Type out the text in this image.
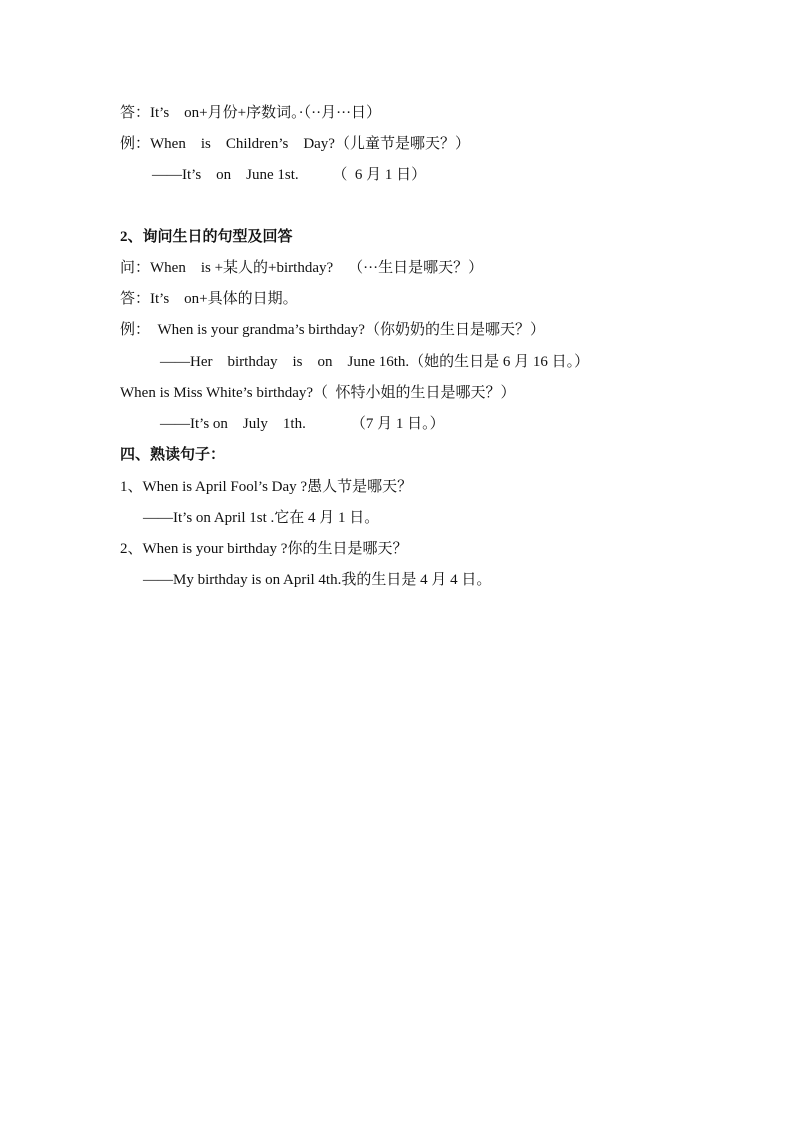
答：It’s    on+月份+序数词。·（··月···日）
例：When    is    Children’s    Day?（儿童节是哪天？）
——It’s    on    June 1st.         （  6 月 1 日）
2、询问生日的句型及回答
问：When    is +某人的+birthday?    （···生日是哪天？）
答：It’s    on+具体的日期。
例：  When is your grandma’s birthday?（你奶奶的生日是哪天？）
——Her    birthday    is    on    June 16th.（她的生日是 6 月 16 日。）
When is Miss White’s birthday?（  怀特小姐的生日是哪天？）
——It’s on    July    1th.            （7 月 1 日。）
四、熟读句子：
1、When is April Fool’s Day ?愚人节是哪天？
——It’s on April 1st .它在 4 月 1 日。
2、When is your birthday ?你的生日是哪天？
——My birthday is on April 4th.我的生日是 4 月 4 日。
